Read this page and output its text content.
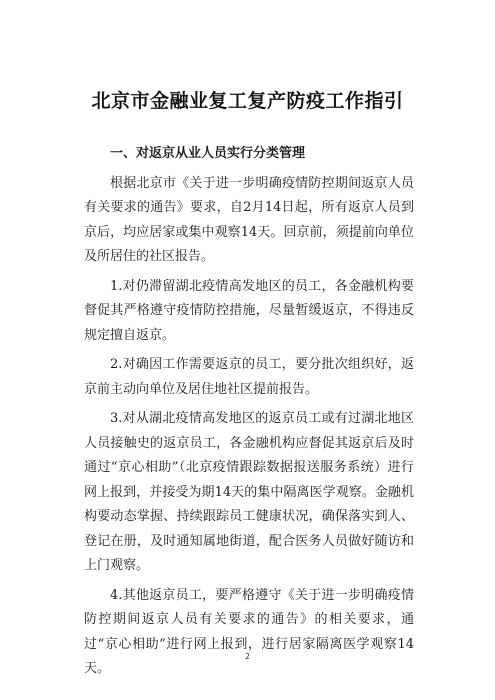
北京市金融业复工复产防疫工作指引

一、对返京从业人员实行分类管理

根据北京市《关于进一步明确疫情防控期间返京人员有关要求的通告》要求，自2月14日起，所有返京人员到京后，均应居家或集中观察14天。回京前，须提前向单位及所居住的社区报告。

1.对仍滞留湖北疫情高发地区的员工，各金融机构要督促其严格遵守疫情防控措施，尽量暂缓返京，不得违反规定擅自返京。

2.对确因工作需要返京的员工，要分批次组织好，返京前主动向单位及居住地社区提前报告。

3.对从湖北疫情高发地区的返京员工或有过湖北地区人员接触史的返京员工，各金融机构应督促其返京后及时通过“京心相助”（北京疫情跟踪数据报送服务系统）进行网上报到，并接受为期14天的集中隔离医学观察。金融机构要动态掌握、持续跟踪员工健康状况，确保落实到人、登记在册，及时通知属地街道，配合医务人员做好随访和上门观察。

4.其他返京员工，要严格遵守《关于进一步明确疫情防控期间返京人员有关要求的通告》的相关要求，通过“京心相助”进行网上报到，进行居家隔离医学观察14天。

2
